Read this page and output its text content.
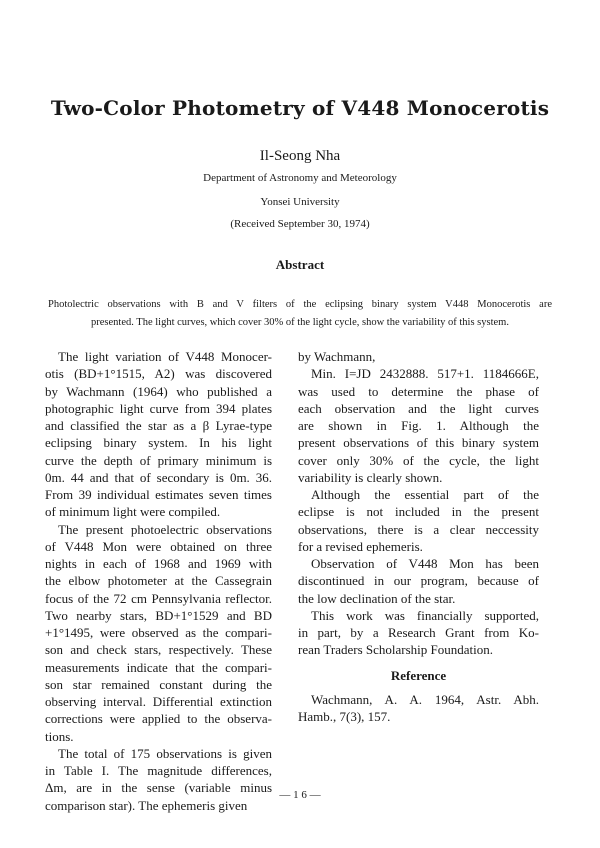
Two-Color Photometry of V448 Monocerotis
Il-Seong Nha
Department of Astronomy and Meteorology
Yonsei University
(Received September 30, 1974)
Abstract
Photolectric observations with B and V filters of the eclipsing binary system V448 Monocerotis are
presented. The light curves, which cover 30% of the light cycle, show the variability of this system.
The light variation of V448 Monocer-
otis (BD+1°1515, A2) was discovered
by Wachmann (1964) who published a
photographic light curve from 394 plates
and classified the star as a β Lyrae-type
eclipsing binary system. In his light
curve the depth of primary minimum is
0m. 44 and that of secondary is 0m. 36.
From 39 individual estimates seven times
of minimum light were compiled.
The present photoelectric observations
of V448 Mon were obtained on three
nights in each of 1968 and 1969 with
the elbow photometer at the Cassegrain
focus of the 72 cm Pennsylvania reflector.
Two nearby stars, BD+1°1529 and BD
+1°1495, were observed as the compari-
son and check stars, respectively. These
measurements indicate that the compari-
son star remained constant during the
observing interval. Differential extinction
corrections were applied to the observa-
tions.
The total of 175 observations is given
in Table I. The magnitude differences,
Δm, are in the sense (variable minus
comparison star). The ephemeris given
by Wachmann,
Min. I=JD 2432888. 517+1. 1184666E,
was used to determine the phase of
each observation and the light curves
are shown in Fig. 1. Although the
present observations of this binary system
cover only 30% of the cycle, the light
variability is clearly shown.
Although the essential part of the
eclipse is not included in the present
observations, there is a clear neccessity
for a revised ephemeris.
Observation of V448 Mon has been
discontinued in our program, because of
the low declination of the star.
This work was financially supported,
in part, by a Research Grant from Ko-
rean Traders Scholarship Foundation.
Reference
Wachmann, A. A. 1964, Astr. Abh.
Hamb., 7(3), 157.
— 1 6 —
